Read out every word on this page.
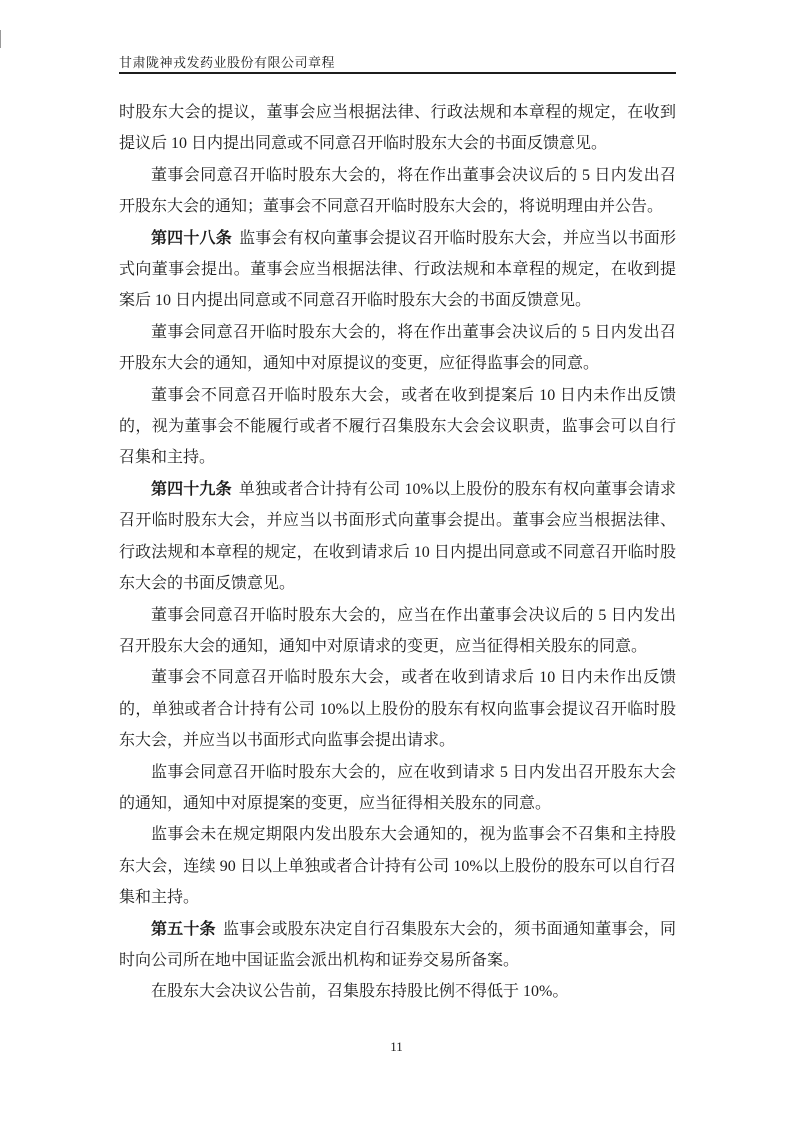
甘肃陇神戎发药业股份有限公司章程

时股东大会的提议，董事会应当根据法律、行政法规和本章程的规定，在收到提议后 10 日内提出同意或不同意召开临时股东大会的书面反馈意见。

董事会同意召开临时股东大会的，将在作出董事会决议后的 5 日内发出召开股东大会的通知；董事会不同意召开临时股东大会的，将说明理由并公告。

第四十八条 监事会有权向董事会提议召开临时股东大会，并应当以书面形式向董事会提出。董事会应当根据法律、行政法规和本章程的规定，在收到提案后 10 日内提出同意或不同意召开临时股东大会的书面反馈意见。

董事会同意召开临时股东大会的，将在作出董事会决议后的 5 日内发出召开股东大会的通知，通知中对原提议的变更，应征得监事会的同意。

董事会不同意召开临时股东大会，或者在收到提案后 10 日内未作出反馈的，视为董事会不能履行或者不履行召集股东大会会议职责，监事会可以自行召集和主持。

第四十九条 单独或者合计持有公司 10%以上股份的股东有权向董事会请求召开临时股东大会，并应当以书面形式向董事会提出。董事会应当根据法律、行政法规和本章程的规定，在收到请求后 10 日内提出同意或不同意召开临时股东大会的书面反馈意见。

董事会同意召开临时股东大会的，应当在作出董事会决议后的 5 日内发出召开股东大会的通知，通知中对原请求的变更，应当征得相关股东的同意。

董事会不同意召开临时股东大会，或者在收到请求后 10 日内未作出反馈的，单独或者合计持有公司 10%以上股份的股东有权向监事会提议召开临时股东大会，并应当以书面形式向监事会提出请求。

监事会同意召开临时股东大会的，应在收到请求 5 日内发出召开股东大会的通知，通知中对原提案的变更，应当征得相关股东的同意。

监事会未在规定期限内发出股东大会通知的，视为监事会不召集和主持股东大会，连续 90 日以上单独或者合计持有公司 10%以上股份的股东可以自行召集和主持。

第五十条 监事会或股东决定自行召集股东大会的，须书面通知董事会，同时向公司所在地中国证监会派出机构和证券交易所备案。

在股东大会决议公告前，召集股东持股比例不得低于 10%。

11
